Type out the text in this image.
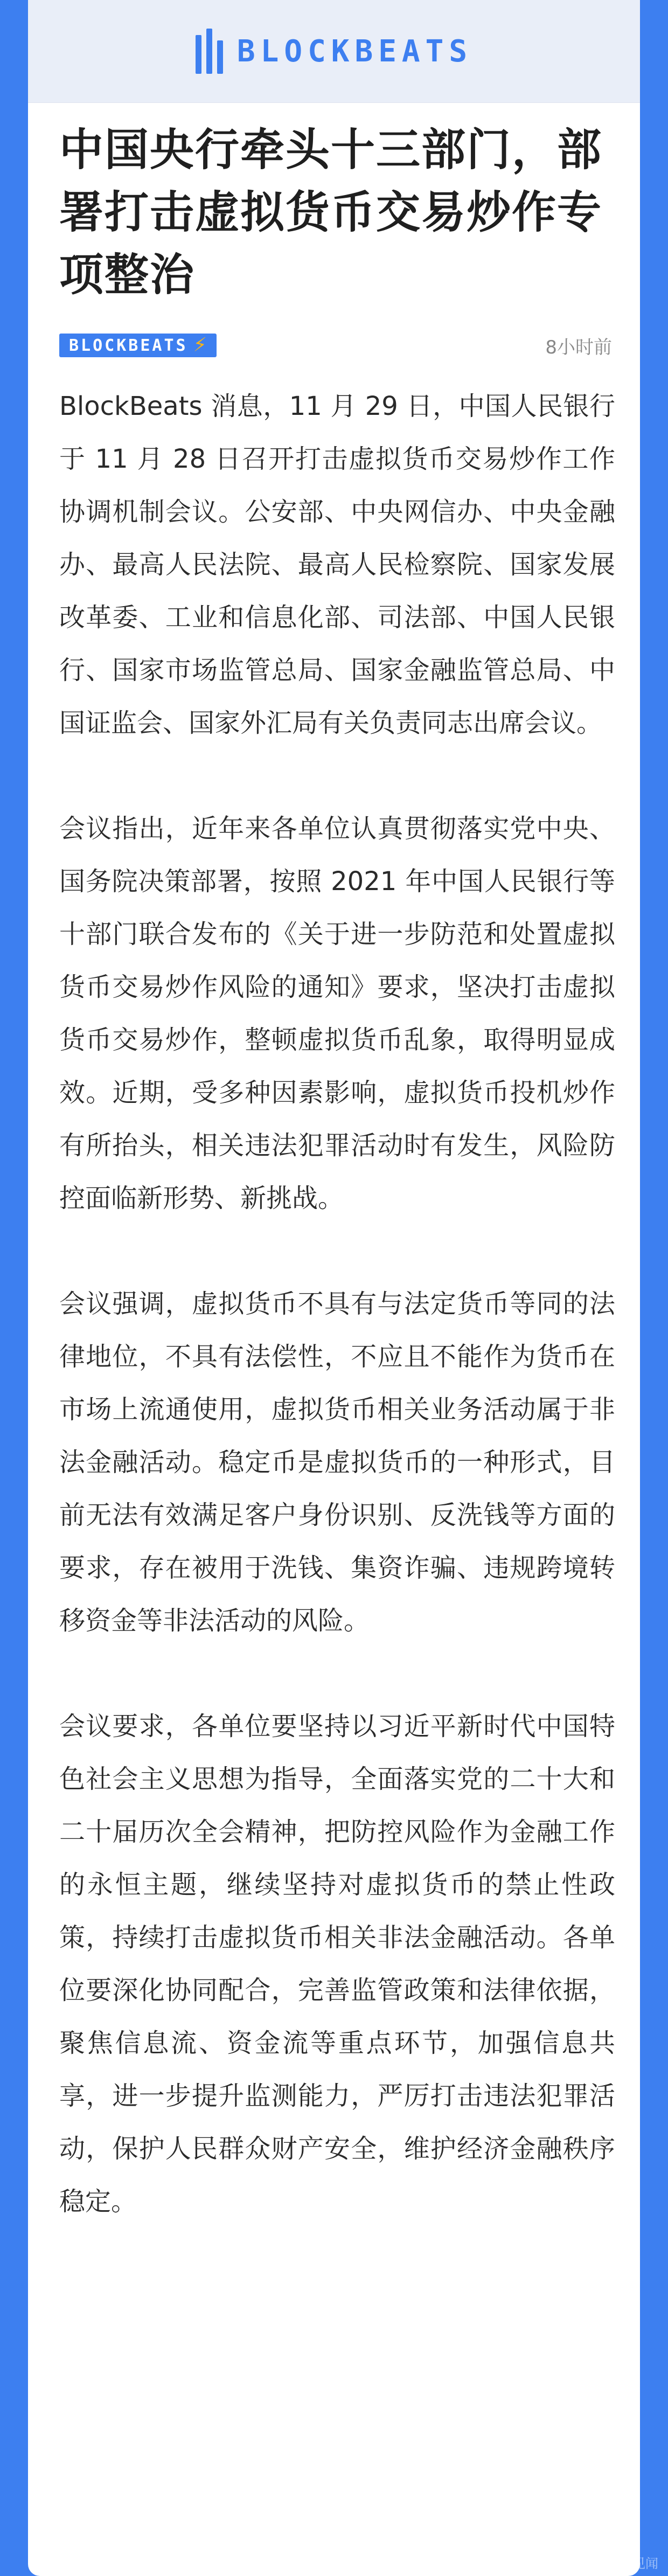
BLOCKBEATS
中国央行牵头十三部门，部署打击虚拟货币交易炒作专项整治
BLOCKBEATS ⚡	8小时前

BlockBeats 消息，11 月 29 日，中国人民银行于 11 月 28 日召开打击虚拟货币交易炒作工作协调机制会议。公安部、中央网信办、中央金融办、最高人民法院、最高人民检察院、国家发展改革委、工业和信息化部、司法部、中国人民银行、国家市场监管总局、国家金融监管总局、中国证监会、国家外汇局有关负责同志出席会议。

会议指出，近年来各单位认真贯彻落实党中央、国务院决策部署，按照 2021 年中国人民银行等十部门联合发布的《关于进一步防范和处置虚拟货币交易炒作风险的通知》要求，坚决打击虚拟货币交易炒作，整顿虚拟货币乱象，取得明显成效。近期，受多种因素影响，虚拟货币投机炒作有所抬头，相关违法犯罪活动时有发生，风险防控面临新形势、新挑战。

会议强调，虚拟货币不具有与法定货币等同的法律地位，不具有法偿性，不应且不能作为货币在市场上流通使用，虚拟货币相关业务活动属于非法金融活动。稳定币是虚拟货币的一种形式，目前无法有效满足客户身份识别、反洗钱等方面的要求，存在被用于洗钱、集资诈骗、违规跨境转移资金等非法活动的风险。

会议要求，各单位要坚持以习近平新时代中国特色社会主义思想为指导，全面落实党的二十大和二十届历次全会精神，把防控风险作为金融工作的永恒主题，继续坚持对虚拟货币的禁止性政策，持续打击虚拟货币相关非法金融活动。各单位要深化协同配合，完善监管政策和法律依据，聚焦信息流、资金流等重点环节，加强信息共享，进一步提升监测能力，严厉打击违法犯罪活动，保护人民群众财产安全，维护经济金融秩序稳定。

@华尔街见闻
